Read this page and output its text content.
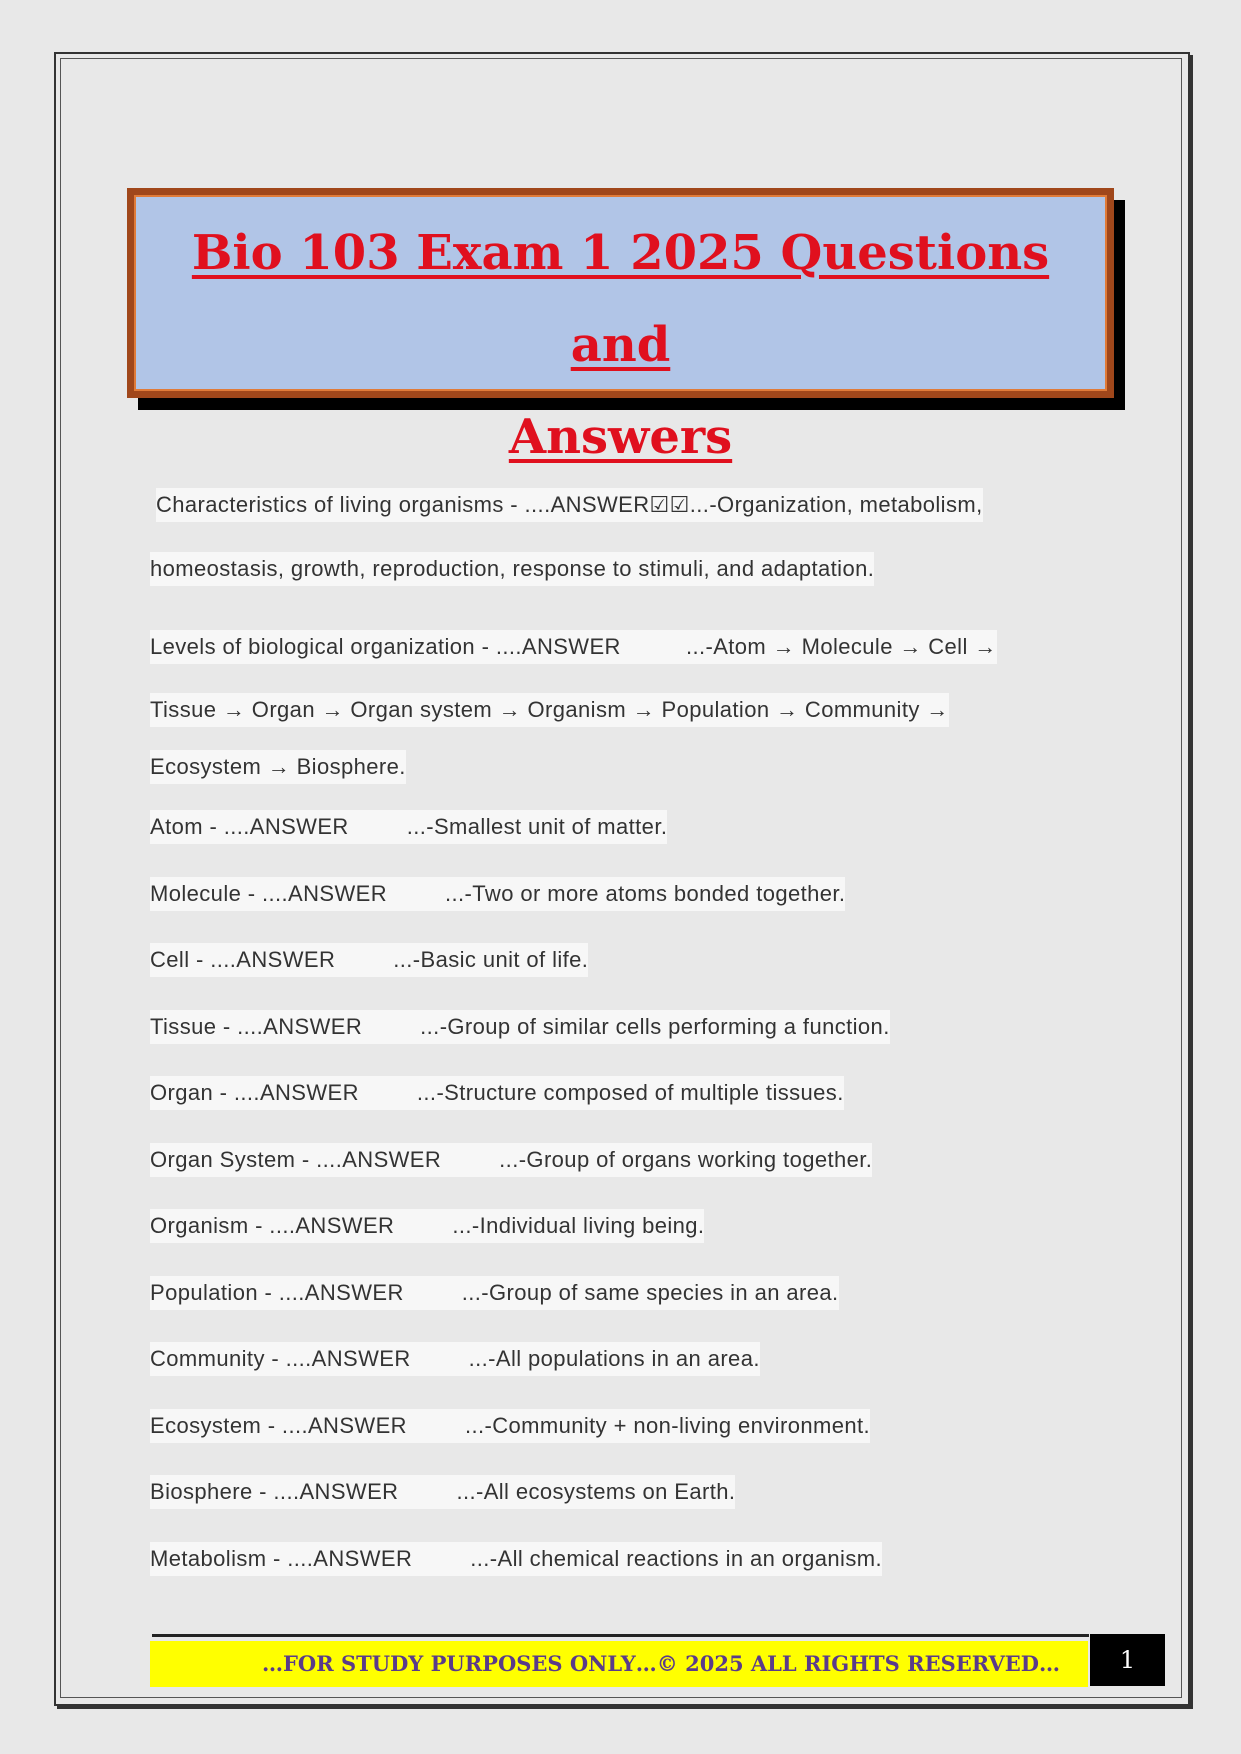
Bio 103 Exam 1 2025 Questions and
Answers
Characteristics of living organisms - ....ANSWER☑☑...-Organization, metabolism,
homeostasis, growth, reproduction, response to stimuli, and adaptation.
Levels of biological organization - ....ANSWER          ...-Atom → Molecule → Cell →
Tissue → Organ → Organ system → Organism → Population → Community →
Ecosystem → Biosphere.
Atom - ....ANSWER	...-Smallest unit of matter.
Molecule - ....ANSWER	...-Two or more atoms bonded together.
Cell - ....ANSWER	...-Basic unit of life.
Tissue - ....ANSWER	...-Group of similar cells performing a function.
Organ - ....ANSWER	...-Structure composed of multiple tissues.
Organ System - ....ANSWER	...-Group of organs working together.
Organism - ....ANSWER	...-Individual living being.
Population - ....ANSWER	...-Group of same species in an area.
Community - ....ANSWER	...-All populations in an area.
Ecosystem - ....ANSWER	...-Community + non-living environment.
Biosphere - ....ANSWER	...-All ecosystems on Earth.
Metabolism - ....ANSWER	...-All chemical reactions in an organism.
…FOR STUDY PURPOSES ONLY…© 2025 ALL RIGHTS RESERVED…	1
